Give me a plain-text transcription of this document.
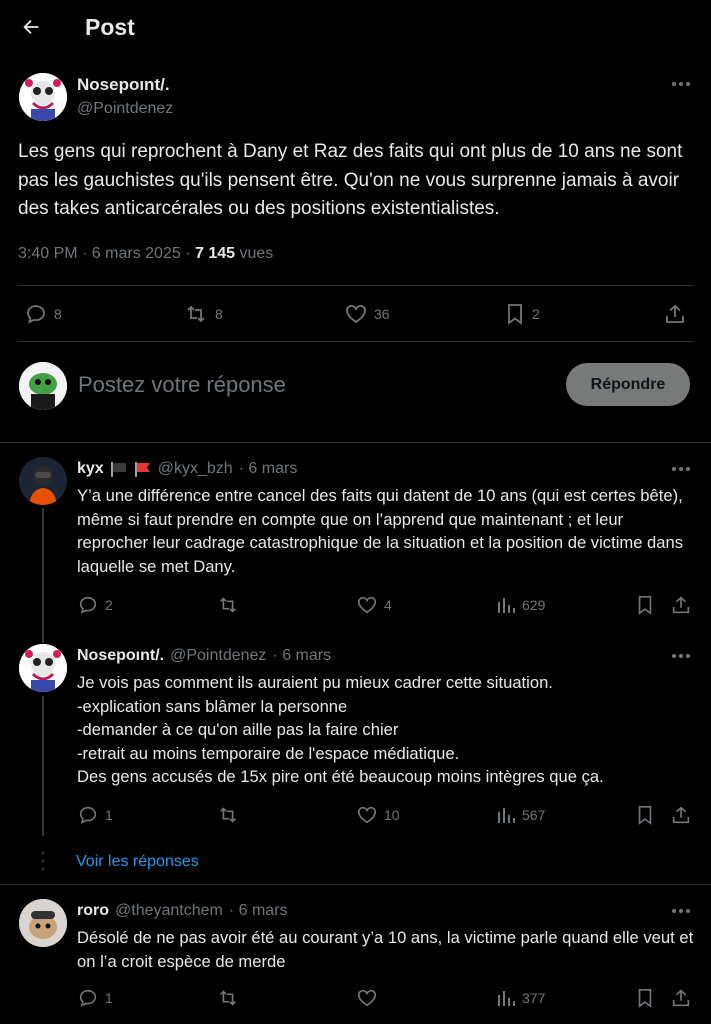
Post
Nosepoınt/.
@Pointdenez
Les gens qui reprochent à Dany et Raz des faits qui ont plus de 10 ans ne sont pas les gauchistes qu'ils pensent être. Qu'on ne vous surprenne jamais à avoir des takes anticarcérales ou des positions existentialistes.
3:40 PM · 6 mars 2025 · 7 145 vues
8	8	36	2
Postez votre réponse	Répondre
kyx	@kyx_bzh · 6 mars
Y’a une différence entre cancel des faits qui datent de 10 ans (qui est certes bête), même si faut prendre en compte que on l’apprend que maintenant ; et leur reprocher leur cadrage catastrophique de la situation et la position de victime dans laquelle se met Dany.
2	4	629
Nosepoınt/. @Pointdenez · 6 mars
Je vois pas comment ils auraient pu mieux cadrer cette situation.
-explication sans blâmer la personne
-demander à ce qu'on aille pas la faire chier
-retrait au moins temporaire de l'espace médiatique.
Des gens accusés de 15x pire ont été beaucoup moins intègres que ça.
1	10	567
Voir les réponses
roro @theyantchem · 6 mars
Désolé de ne pas avoir été au courant y’a 10 ans, la victime parle quand elle veut et on l’a croit espèce de merde
1	377
